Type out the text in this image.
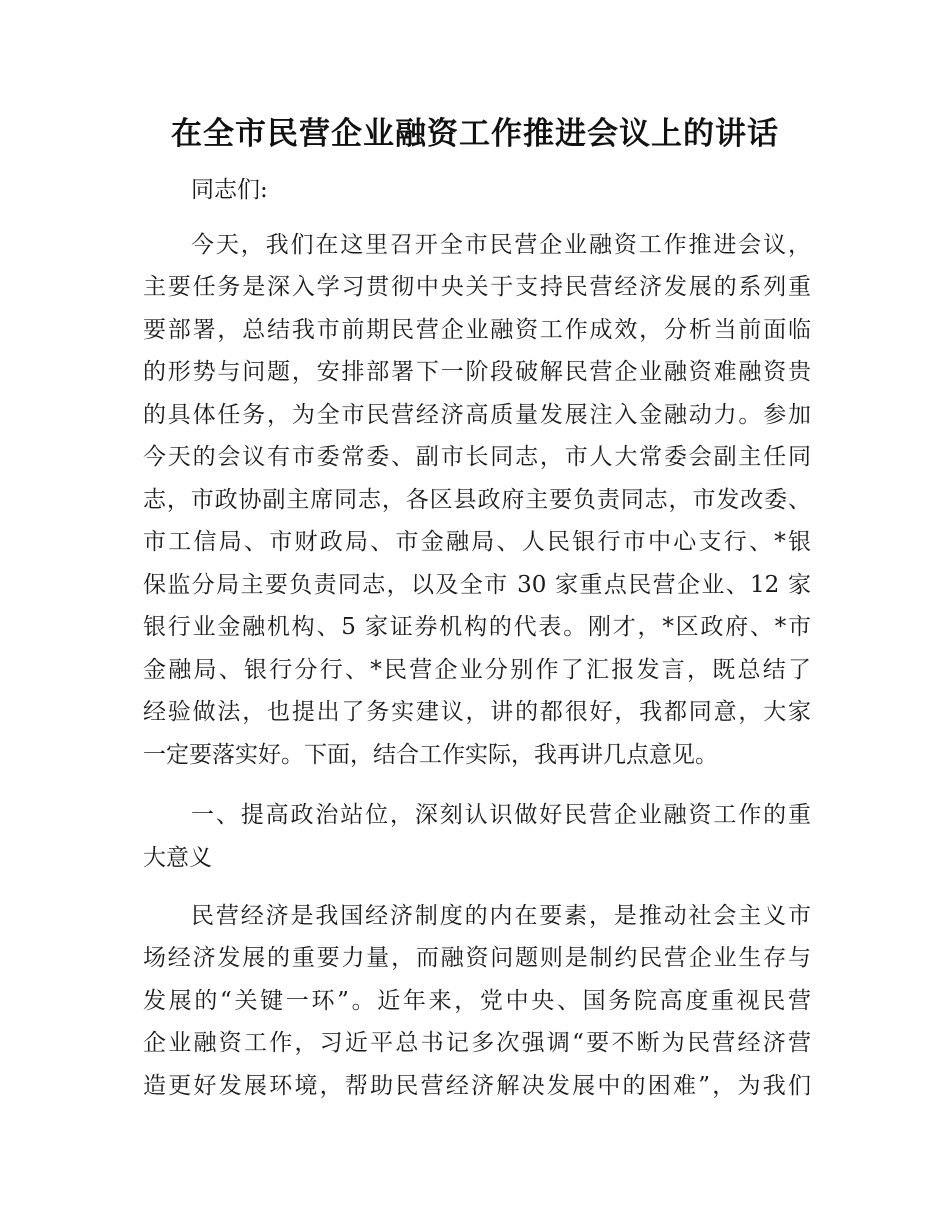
在全市民营企业融资工作推进会议上的讲话
同志们:
今天，我们在这里召开全市民营企业融资工作推进会议，
主要任务是深入学习贯彻中央关于支持民营经济发展的系列重
要部署，总结我市前期民营企业融资工作成效，分析当前面临
的形势与问题，安排部署下一阶段破解民营企业融资难融资贵
的具体任务，为全市民营经济高质量发展注入金融动力。参加
今天的会议有市委常委、副市长同志，市人大常委会副主任同
志，市政协副主席同志，各区县政府主要负责同志，市发改委、
市工信局、市财政局、市金融局、人民银行市中心支行、*银
保监分局主要负责同志，以及全市 30 家重点民营企业、12 家
银行业金融机构、5 家证券机构的代表。刚才，*区政府、*市
金融局、银行分行、*民营企业分别作了汇报发言，既总结了
经验做法，也提出了务实建议，讲的都很好，我都同意，大家
一定要落实好。下面，结合工作实际，我再讲几点意见。
一、提高政治站位，深刻认识做好民营企业融资工作的重
大意义
民营经济是我国经济制度的内在要素，是推动社会主义市
场经济发展的重要力量，而融资问题则是制约民营企业生存与
发展的“关键一环”。近年来，党中央、国务院高度重视民营
企业融资工作，习近平总书记多次强调“要不断为民营经济营
造更好发展环境，帮助民营经济解决发展中的困难”，为我们
